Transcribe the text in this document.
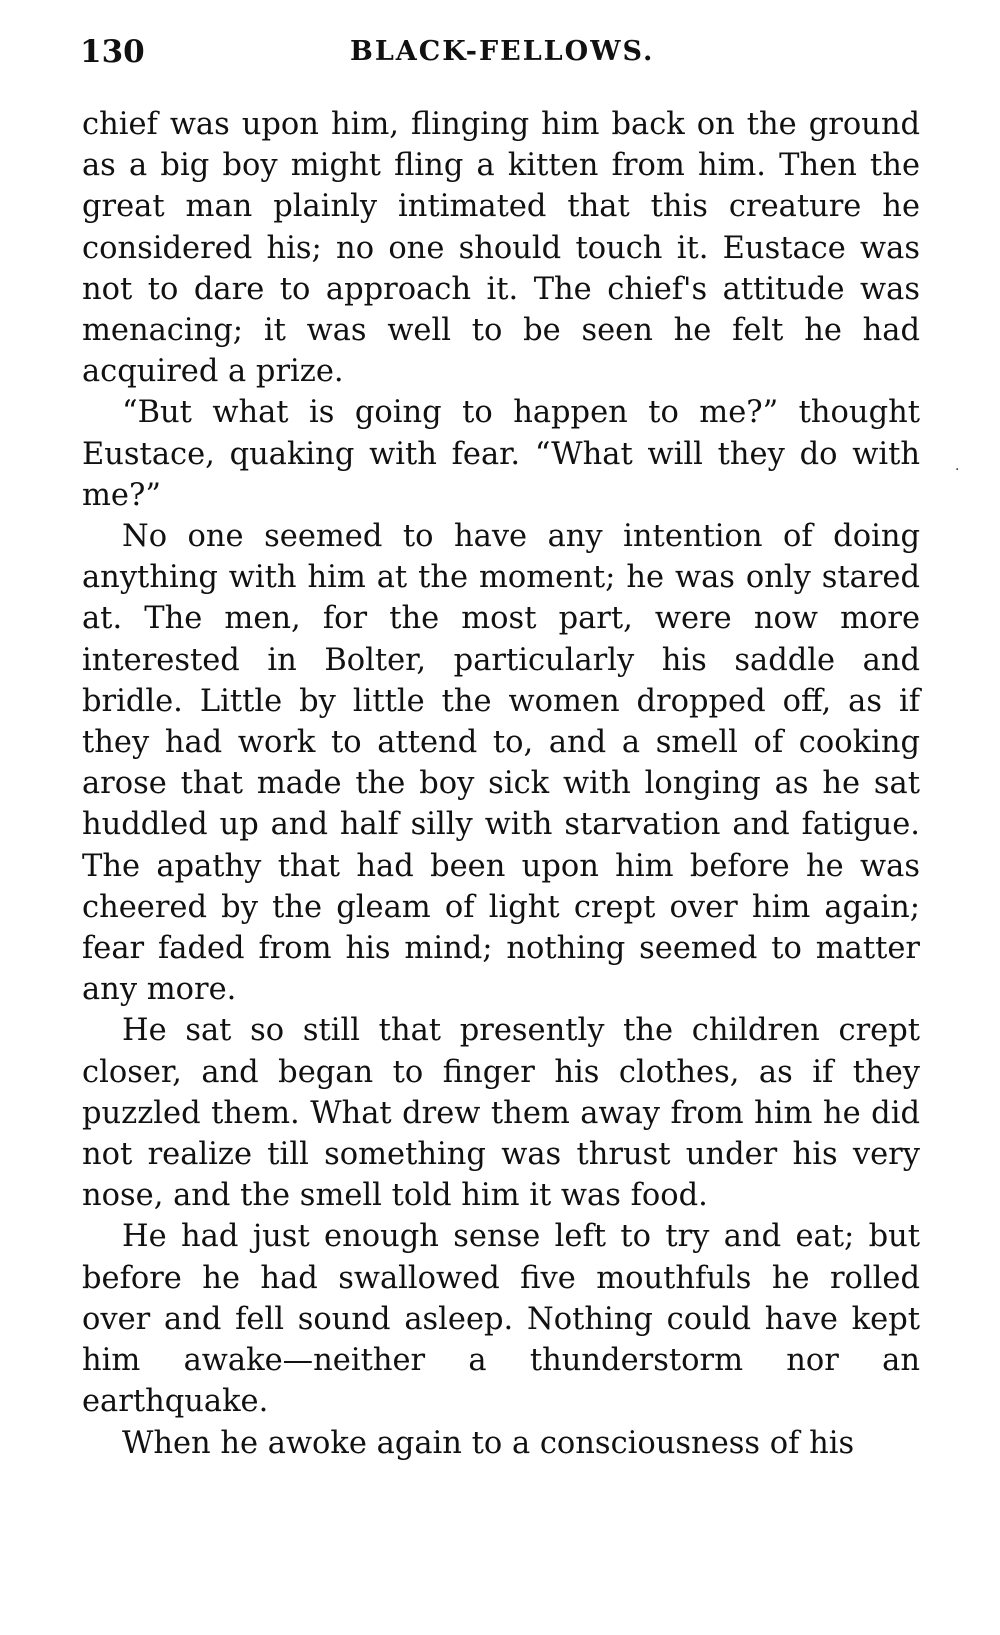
130	BLACK-FELLOWS.

chief was upon him, flinging him back on the ground as a big boy might fling a kitten from him. Then the great man plainly intimated that this creature he considered his; no one should touch it. Eustace was not to dare to approach it. The chief's attitude was menacing; it was well to be seen he felt he had acquired a prize.

“But what is going to happen to me?” thought Eustace, quaking with fear. “What will they do with me?”

No one seemed to have any intention of doing anything with him at the moment; he was only stared at. The men, for the most part, were now more interested in Bolter, particularly his saddle and bridle. Little by little the women dropped off, as if they had work to attend to, and a smell of cooking arose that made the boy sick with longing as he sat huddled up and half silly with starvation and fatigue. The apathy that had been upon him before he was cheered by the gleam of light crept over him again; fear faded from his mind; nothing seemed to matter any more.

He sat so still that presently the children crept closer, and began to finger his clothes, as if they puzzled them. What drew them away from him he did not realize till something was thrust under his very nose, and the smell told him it was food.

He had just enough sense left to try and eat; but before he had swallowed five mouthfuls he rolled over and fell sound asleep. Nothing could have kept him awake—neither a thunderstorm nor an earthquake.

When he awoke again to a consciousness of his

·
